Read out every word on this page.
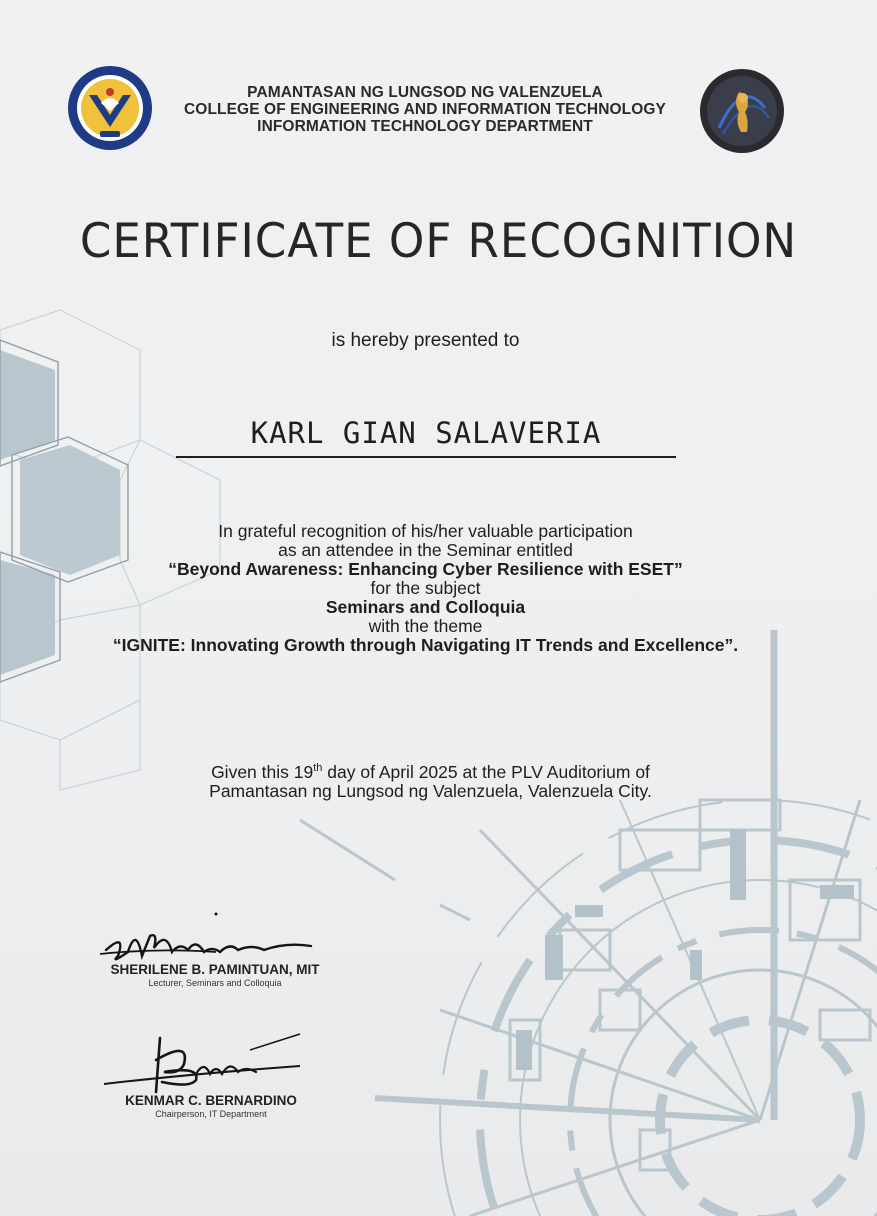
PAMANTASAN NG LUNGSOD NG VALENZUELA
COLLEGE OF ENGINEERING AND INFORMATION TECHNOLOGY
INFORMATION TECHNOLOGY DEPARTMENT
CERTIFICATE OF RECOGNITION
is hereby presented to
KARL GIAN SALAVERIA
In grateful recognition of his/her valuable participation
as an attendee in the Seminar entitled
“Beyond Awareness: Enhancing Cyber Resilience with ESET”
for the subject
Seminars and Colloquia
with the theme
“IGNITE: Innovating Growth through Navigating IT Trends and Excellence”.
Given this 19th day of April 2025 at the PLV Auditorium of
Pamantasan ng Lungsod ng Valenzuela, Valenzuela City.
SHERILENE B. PAMINTUAN, MIT
Lecturer, Seminars and Colloquia
KENMAR C. BERNARDINO
Chairperson, IT Department
